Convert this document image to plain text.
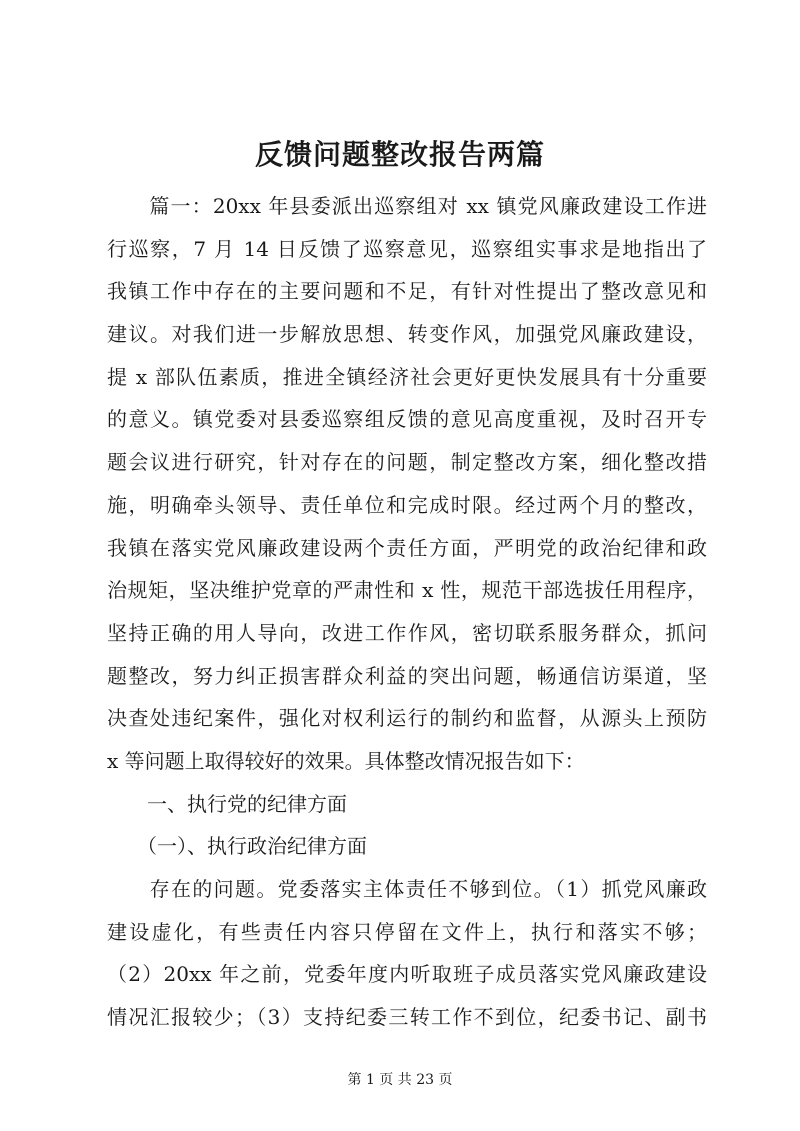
反馈问题整改报告两篇
　　篇一：20xx 年县委派出巡察组对 xx 镇党风廉政建设工作进
行巡察，7 月 14 日反馈了巡察意见，巡察组实事求是地指出了
我镇工作中存在的主要问题和不足，有针对性提出了整改意见和
建议。对我们进一步解放思想、转变作风，加强党风廉政建设，
提 x 部队伍素质，推进全镇经济社会更好更快发展具有十分重要
的意义。镇党委对县委巡察组反馈的意见高度重视，及时召开专
题会议进行研究，针对存在的问题，制定整改方案，细化整改措
施，明确牵头领导、责任单位和完成时限。经过两个月的整改，
我镇在落实党风廉政建设两个责任方面，严明党的政治纪律和政
治规矩，坚决维护党章的严肃性和 x 性，规范干部选拔任用程序，
坚持正确的用人导向，改进工作作风，密切联系服务群众，抓问
题整改，努力纠正损害群众利益的突出问题，畅通信访渠道，坚
决查处违纪案件，强化对权利运行的制约和监督，从源头上预防
x 等问题上取得较好的效果。具体整改情况报告如下：
　　一、执行党的纪律方面
　　（一）、执行政治纪律方面
　　存在的问题。党委落实主体责任不够到位。（1）抓党风廉政
建设虚化，有些责任内容只停留在文件上，执行和落实不够；
（2）20xx 年之前，党委年度内听取班子成员落实党风廉政建设
情况汇报较少；（3）支持纪委三转工作不到位，纪委书记、副书
第 1 页 共 23 页
